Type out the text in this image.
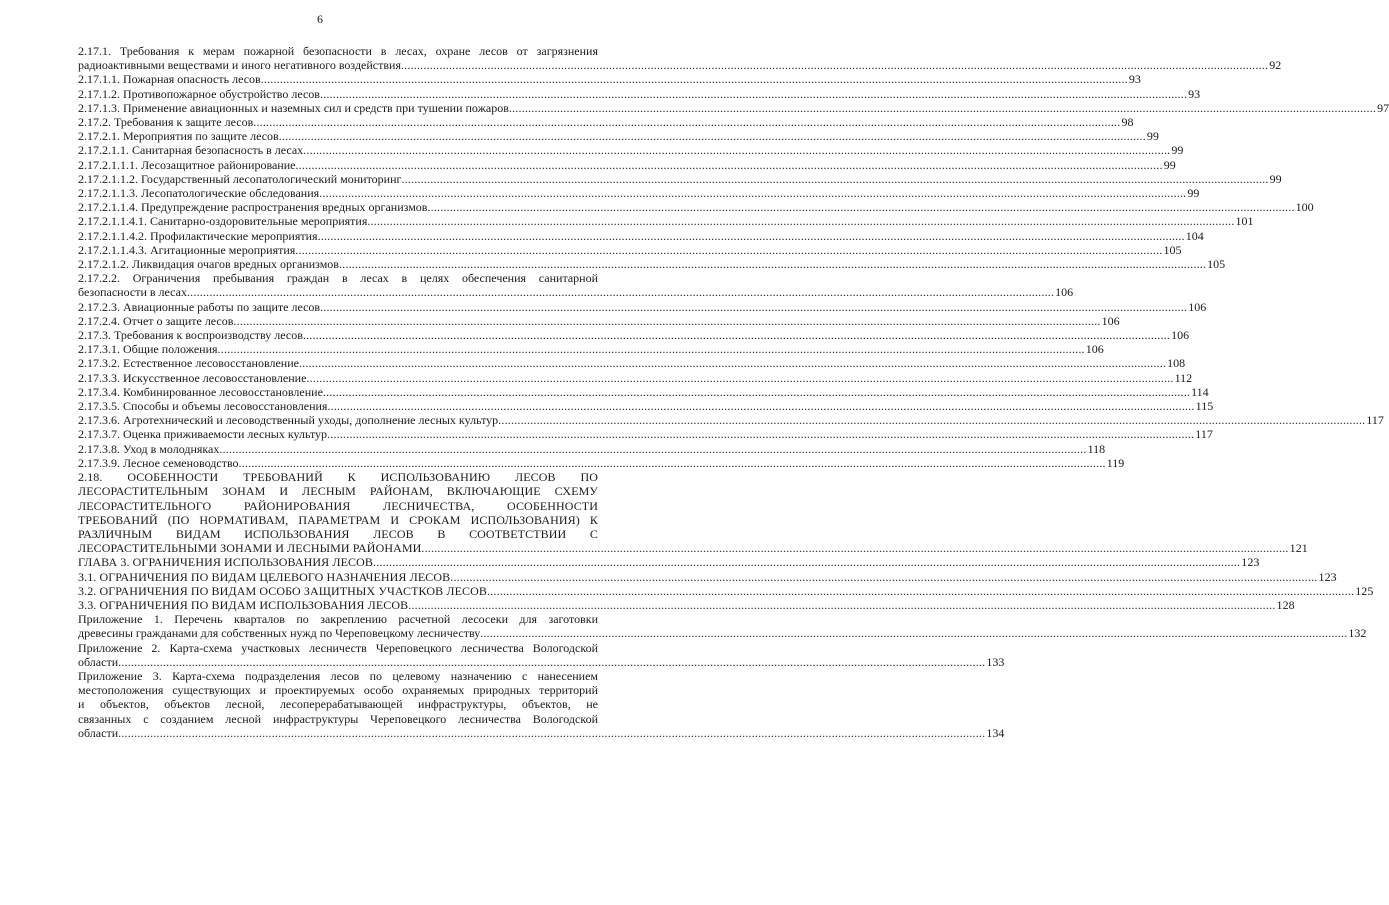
6
2.17.1. Требования к мерам пожарной безопасности в лесах, охране лесов от загрязнения
радиоактивными веществами и иного негативного воздействия .....	92
2.17.1.1. Пожарная опасность лесов .....	93
2.17.1.2. Противопожарное обустройство лесов .....	93
2.17.1.3. Применение авиационных и наземных сил и средств при тушении пожаров .....	97
2.17.2. Требования к защите лесов .....	98
2.17.2.1. Мероприятия по защите лесов .....	99
2.17.2.1.1. Санитарная безопасность в лесах .....	99
2.17.2.1.1.1. Лесозащитное районирование .....	99
2.17.2.1.1.2. Государственный лесопатологический мониторинг .....	99
2.17.2.1.1.3. Лесопатологические обследования .....	99
2.17.2.1.1.4. Предупреждение распространения вредных организмов .....	100
2.17.2.1.1.4.1. Санитарно-оздоровительные мероприятия .....	101
2.17.2.1.1.4.2. Профилактические мероприятия .....	104
2.17.2.1.1.4.3. Агитационные мероприятия .....	105
2.17.2.1.2. Ликвидация очагов вредных организмов .....	105
2.17.2.2. Ограничения пребывания граждан в лесах в целях обеспечения санитарной
безопасности в лесах .....	106
2.17.2.3. Авиационные работы по защите лесов .....	106
2.17.2.4. Отчет о защите лесов .....	106
2.17.3. Требования к воспроизводству лесов .....	106
2.17.3.1. Общие положения .....	106
2.17.3.2. Естественное лесовосстановление .....	108
2.17.3.3. Искусственное лесовосстановление .....	112
2.17.3.4. Комбинированное лесовосстановление .....	114
2.17.3.5. Способы и объемы лесовосстановления .....	115
2.17.3.6. Агротехнический и лесоводственный уходы, дополнение лесных культур .....	117
2.17.3.7. Оценка приживаемости лесных культур .....	117
2.17.3.8. Уход в молодняках .....	118
2.17.3.9. Лесное семеноводство .....	119
2.18. ОСОБЕННОСТИ ТРЕБОВАНИЙ К ИСПОЛЬЗОВАНИЮ ЛЕСОВ ПО
ЛЕСОРАСТИТЕЛЬНЫМ ЗОНАМ И ЛЕСНЫМ РАЙОНАМ, ВКЛЮЧАЮЩИЕ СХЕМУ
ЛЕСОРАСТИТЕЛЬНОГО РАЙОНИРОВАНИЯ ЛЕСНИЧЕСТВА, ОСОБЕННОСТИ
ТРЕБОВАНИЙ (ПО НОРМАТИВАМ, ПАРАМЕТРАМ И СРОКАМ ИСПОЛЬЗОВАНИЯ) К
РАЗЛИЧНЫМ ВИДАМ ИСПОЛЬЗОВАНИЯ ЛЕСОВ В СООТВЕТСТВИИ С
ЛЕСОРАСТИТЕЛЬНЫМИ ЗОНАМИ И ЛЕСНЫМИ РАЙОНАМИ .....	121
ГЛАВА 3. ОГРАНИЧЕНИЯ ИСПОЛЬЗОВАНИЯ ЛЕСОВ .....	123
3.1. ОГРАНИЧЕНИЯ ПО ВИДАМ ЦЕЛЕВОГО НАЗНАЧЕНИЯ ЛЕСОВ .....	123
3.2. ОГРАНИЧЕНИЯ ПО ВИДАМ ОСОБО ЗАЩИТНЫХ УЧАСТКОВ ЛЕСОВ .....	125
3.3. ОГРАНИЧЕНИЯ ПО ВИДАМ ИСПОЛЬЗОВАНИЯ ЛЕСОВ .....	128
Приложение 1. Перечень кварталов по закреплению расчетной лесосеки для заготовки
древесины гражданами для собственных нужд по Череповецкому лесничеству .....	132
Приложение 2. Карта-схема участковых лесничеств Череповецкого лесничества Вологодской
области .....	133
Приложение 3. Карта-схема подразделения лесов по целевому назначению с нанесением
местоположения существующих и проектируемых особо охраняемых природных территорий
и объектов, объектов лесной, лесоперерабатывающей инфраструктуры, объектов, не
связанных с созданием лесной инфраструктуры Череповецкого лесничества Вологодской
области .....	134
